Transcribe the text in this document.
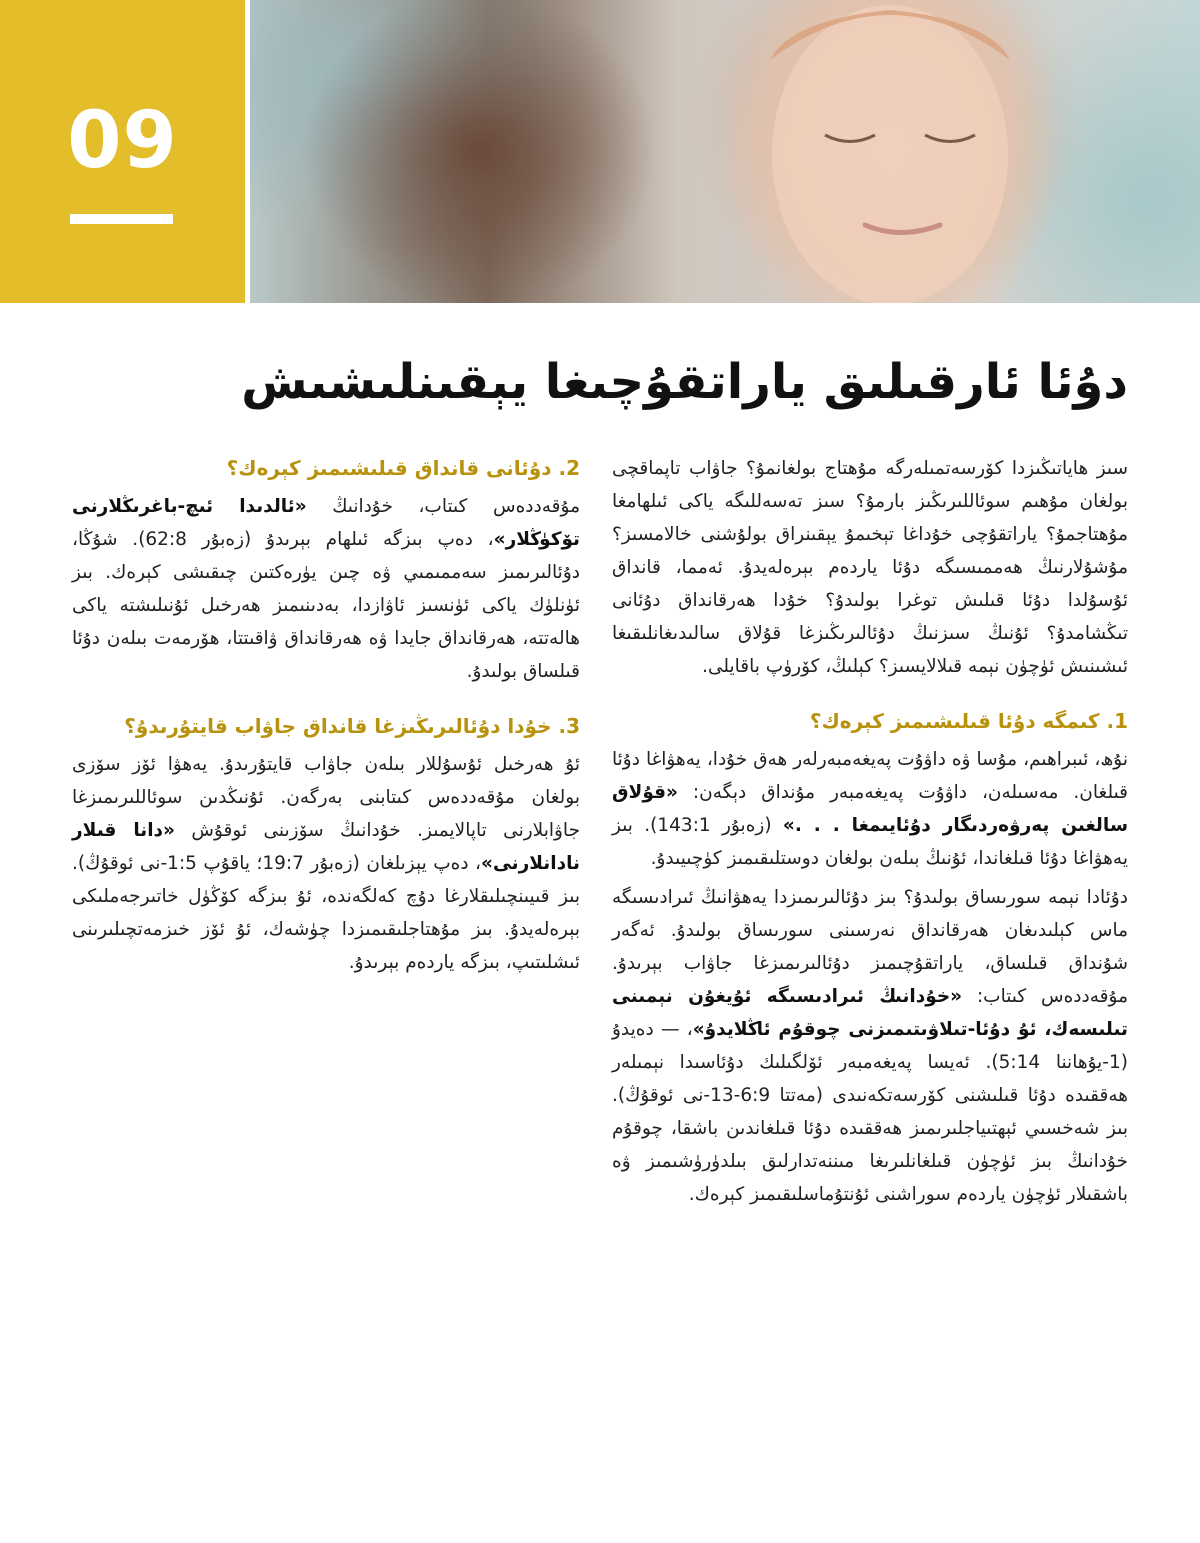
09
دۇئا ئارقىلىق ياراتقۇچىغا يېقىنلىشىش

سىز ھاياتىڭىزدا كۆرسەتمىلەرگە مۇھتاج بولغانمۇ؟ جاۋاب تاپماقچى بولغان مۇھىم سوئاللىرىڭىز بارمۇ؟ سىز تەسەللىگە ياكى ئىلھامغا مۇھتاجمۇ؟ ياراتقۇچى خۇداغا تېخىمۇ يېقىنراق بولۇشنى خالامسىز؟ مۇشۇلارنىڭ ھەممىسىگە دۇئا ياردەم بېرەلەيدۇ. ئەمما، قانداق ئۇسۇلدا دۇئا قىلىش توغرا بولىدۇ؟ خۇدا ھەرقانداق دۇئانى تىڭشامدۇ؟ ئۇنىڭ سىزنىڭ دۇئالىرىڭىزغا قۇلاق سالىدىغانلىقىغا ئىشىنىش ئۈچۈن نېمە قىلالايسىز؟ كېلىڭ، كۆرۈپ باقايلى.

1. كىمگە دۇئا قىلىشىمىز كېرەك؟

نۇھ، ئىبراھىم، مۇسا ۋە داۋۇت پەيغەمبەرلەر ھەق خۇدا، يەھۋاغا دۇئا قىلغان. مەسىلەن، داۋۇت پەيغەمبەر مۇنداق دېگەن: «قۇلاق سالغىن پەرۋەردىگار دۇئايىمغا . . .» (زەبۇر 143:1). بىز يەھۋاغا دۇئا قىلغاندا، ئۇنىڭ بىلەن بولغان دوستلىقىمىز كۈچىيىدۇ.

دۇئادا نېمە سورىساق بولىدۇ؟ بىز دۇئالىرىمىزدا يەھۋانىڭ ئىرادىسىگە ماس كېلىدىغان ھەرقانداق نەرسىنى سورىساق بولىدۇ. ئەگەر شۇنداق قىلساق، ياراتقۇچىمىز دۇئالىرىمىزغا جاۋاب بېرىدۇ. مۇقەددەس كىتاب: «خۇدانىڭ ئىرادىسىگە ئۇيغۇن نېمىنى تىلىسەك، ئۇ دۇئا-تىلاۋىتىمىزنى چوقۇم ئاڭلايدۇ»، — دەيدۇ (1-يۇھاننا 5:14). ئەيسا پەيغەمبەر ئۆلگىلىك دۇئاسىدا نېمىلەر ھەققىدە دۇئا قىلىشنى كۆرسەتكەنىدى (مەتتا 6:9-13-نى ئوقۇڭ). بىز شەخسىي ئېھتىياجلىرىمىز ھەققىدە دۇئا قىلغاندىن باشقا، چوقۇم خۇدانىڭ بىز ئۈچۈن قىلغانلىرىغا مىننەتدارلىق بىلدۈرۈشىمىز ۋە باشقىلار ئۈچۈن ياردەم سوراشنى ئۇنتۇماسلىقىمىز كېرەك.

2. دۇئانى قانداق قىلىشىمىز كېرەك؟

مۇقەددەس كىتاب، خۇدانىڭ «ئالدىدا ئىچ-باغرىڭلارنى تۆكۈڭلار»، دەپ بىزگە ئىلھام بېرىدۇ (زەبۇر 62:8). شۇڭا، دۇئالىرىمىز سەممىمىي ۋە چىن يۈرەكتىن چىقىشى كېرەك. بىز ئۈنلۈك ياكى ئۈنسىز ئاۋازدا، بەدىنىمىز ھەرخىل ئۇنىلىشتە ياكى ھالەتتە، ھەرقانداق جايدا ۋە ھەرقانداق ۋاقىتتا، ھۆرمەت بىلەن دۇئا قىلساق بولىدۇ.

3. خۇدا دۇئالىرىڭىزغا قانداق جاۋاب قايتۇرىدۇ؟

ئۇ ھەرخىل ئۇسۇللار بىلەن جاۋاب قايتۇرىدۇ. يەھۋا ئۆز سۆزى بولغان مۇقەددەس كىتابنى بەرگەن. ئۇنىڭدىن سوئاللىرىمىزغا جاۋابلارنى تاپالايمىز. خۇدانىڭ سۆزىنى ئوقۇش «دانا قىلار نادانلارنى»، دەپ يېزىلغان (زەبۇر 19:7؛ ياقۇپ 1:5-نى ئوقۇڭ). بىز قىيىنچىلىقلارغا دۇچ كەلگەندە، ئۇ بىزگە كۆڭۈل خاتىرجەملىكى بېرەلەيدۇ. بىز مۇھتاجلىقىمىزدا چۈشەك، ئۇ ئۆز خىزمەتچىلىرىنى ئىشلىتىپ، بىزگە ياردەم بېرىدۇ.
